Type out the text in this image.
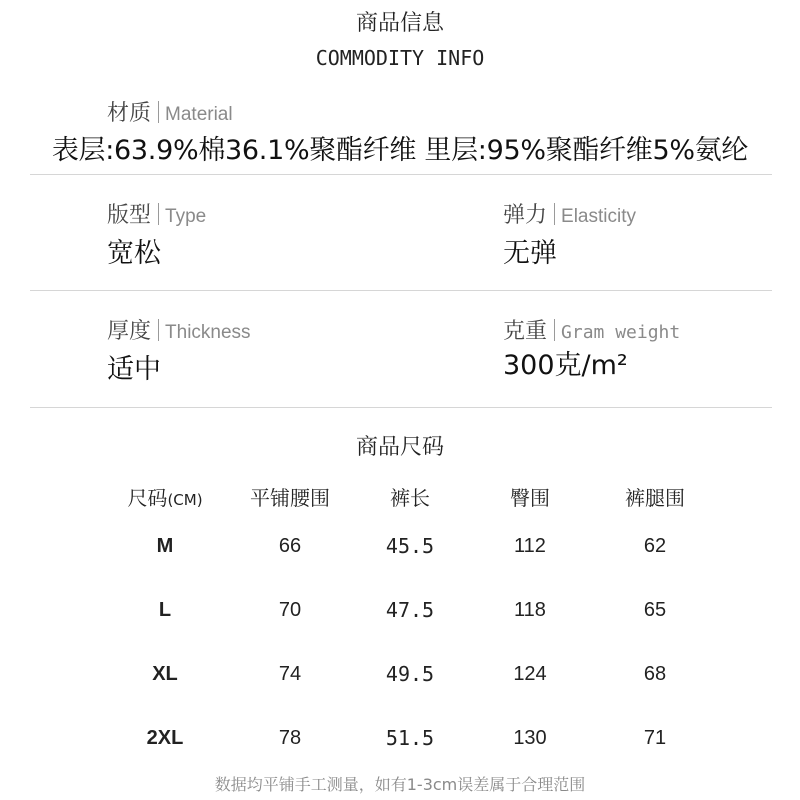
商品信息
COMMODITY INFO
材质 Material
表层:63.9%棉36.1%聚酯纤维 里层:95%聚酯纤维5%氨纶
版型 Type
宽松
弹力 Elasticity
无弹
厚度 Thickness
适中
克重 Gram weight
300克/m²
商品尺码
尺码(CM)	平铺腰围	裤长	臀围	裤腿围
M	66	45.5	112	62
L	70	47.5	118	65
XL	74	49.5	124	68
2XL	78	51.5	130	71
数据均平铺手工测量，如有1-3cm误差属于合理范围
